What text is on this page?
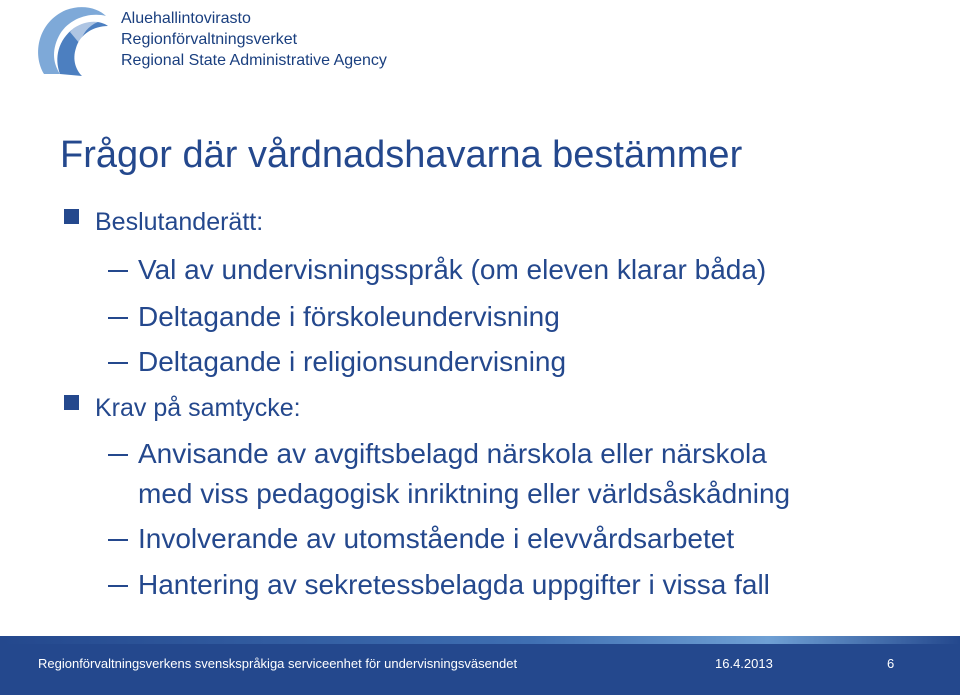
Aluehallintovirasto
Regionförvaltningsverket
Regional State Administrative Agency
Frågor där vårdnadshavarna bestämmer
Beslutanderätt:
Val av undervisningsspråk (om eleven klarar båda)
Deltagande i förskoleundervisning
Deltagande i religionsundervisning
Krav på samtycke:
Anvisande av avgiftsbelagd närskola eller närskola
med viss pedagogisk inriktning eller världsåskådning
Involverande av utomstående i elevvårdsarbetet
Hantering av sekretessbelagda uppgifter i vissa fall
Regionförvaltningsverkens svenskspråkiga serviceenhet för undervisningsväsendet	16.4.2013	6
